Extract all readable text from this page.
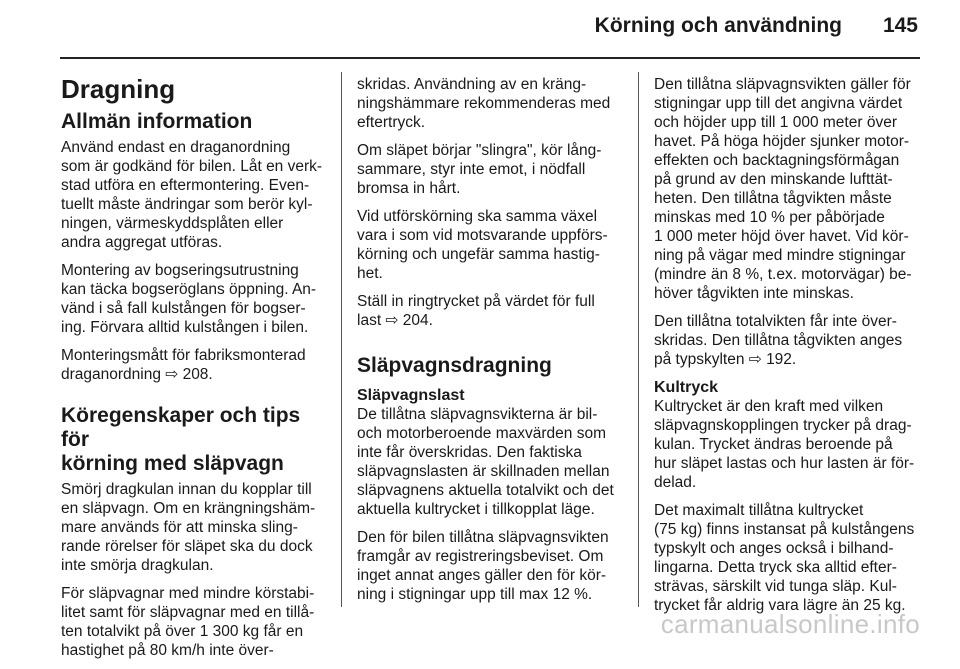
Körning och användning 145
Dragning
Allmän information
Använd endast en draganordning
som är godkänd för bilen. Låt en verk-
stad utföra en eftermontering. Even-
tuellt måste ändringar som berör kyl-
ningen, värmeskyddsplåten eller
andra aggregat utföras.
Montering av bogseringsutrustning
kan täcka bogseröglans öppning. An-
vänd i så fall kulstången för bogser-
ing. Förvara alltid kulstången i bilen.
Monteringsmått för fabriksmonterad
draganordning ⇨ 208.
Köregenskaper och tips för
körning med släpvagn
Smörj dragkulan innan du kopplar till
en släpvagn. Om en krängningshäm-
mare används för att minska sling-
rande rörelser för släpet ska du dock
inte smörja dragkulan.
För släpvagnar med mindre körstabi-
litet samt för släpvagnar med en tillå-
ten totalvikt på över 1 300 kg får en
hastighet på 80 km/h inte över-
skridas. Användning av en kräng-
ningshämmare rekommenderas med
eftertryck.
Om släpet börjar "slingra", kör lång-
sammare, styr inte emot, i nödfall
bromsa in hårt.
Vid utförskörning ska samma växel
vara i som vid motsvarande uppförs-
körning och ungefär samma hastig-
het.
Ställ in ringtrycket på värdet för full
last ⇨ 204.
Släpvagnsdragning
Släpvagnslast
De tillåtna släpvagnsvikterna är bil-
och motorberoende maxvärden som
inte får överskridas. Den faktiska
släpvagnslasten är skillnaden mellan
släpvagnens aktuella totalvikt och det
aktuella kultrycket i tillkopplat läge.
Den för bilen tillåtna släpvagnsvikten
framgår av registreringsbeviset. Om
inget annat anges gäller den för kör-
ning i stigningar upp till max 12 %.
Den tillåtna släpvagnsvikten gäller för
stigningar upp till det angivna värdet
och höjder upp till 1 000 meter över
havet. På höga höjder sjunker motor-
effekten och backtagningsförmågan
på grund av den minskande lufttät-
heten. Den tillåtna tågvikten måste
minskas med 10 % per påbörjade
1 000 meter höjd över havet. Vid kör-
ning på vägar med mindre stigningar
(mindre än 8 %, t.ex. motorvägar) be-
höver tågvikten inte minskas.
Den tillåtna totalvikten får inte över-
skridas. Den tillåtna tågvikten anges
på typskylten ⇨ 192.
Kultryck
Kultrycket är den kraft med vilken
släpvagnskopplingen trycker på drag-
kulan. Trycket ändras beroende på
hur släpet lastas och hur lasten är för-
delad.
Det maximalt tillåtna kultrycket
(75 kg) finns instansat på kulstångens
typskylt och anges också i bilhand-
lingarna. Detta tryck ska alltid efter-
strävas, särskilt vid tunga släp. Kul-
trycket får aldrig vara lägre än 25 kg.
carmanualsonline.info
